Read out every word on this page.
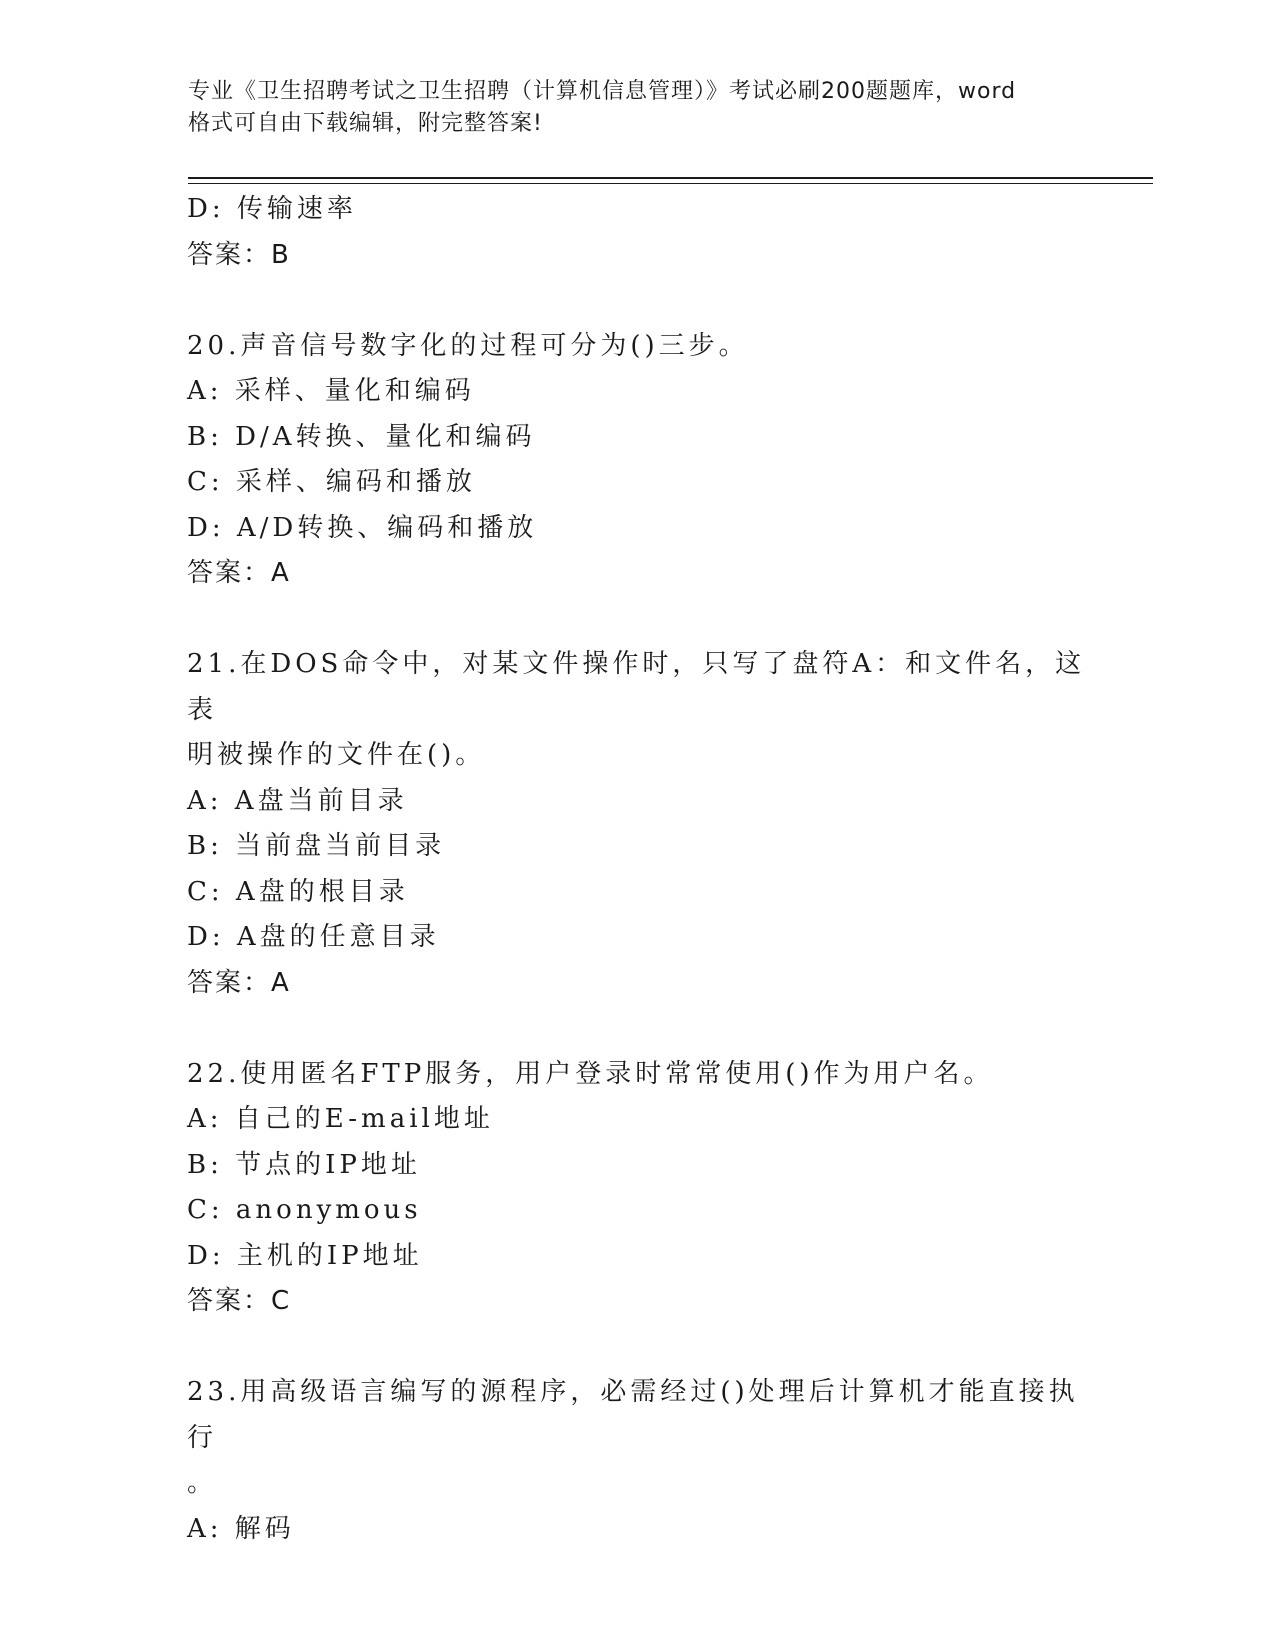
专业《卫生招聘考试之卫生招聘（计算机信息管理）》考试必刷200题题库，word
格式可自由下载编辑，附完整答案!
D: 传输速率
答案：B
20.声音信号数字化的过程可分为()三步。
A: 采样、量化和编码
B: D/A转换、量化和编码
C: 采样、编码和播放
D: A/D转换、编码和播放
答案：A
21.在DOS命令中，对某文件操作时，只写了盘符A：和文件名，这表
明被操作的文件在()。
A: A盘当前目录
B: 当前盘当前目录
C: A盘的根目录
D: A盘的任意目录
答案：A
22.使用匿名FTP服务，用户登录时常常使用()作为用户名。
A: 自己的E-mail地址
B: 节点的IP地址
C: anonymous
D: 主机的IP地址
答案：C
23.用高级语言编写的源程序，必需经过()处理后计算机才能直接执行
。
A: 解码
